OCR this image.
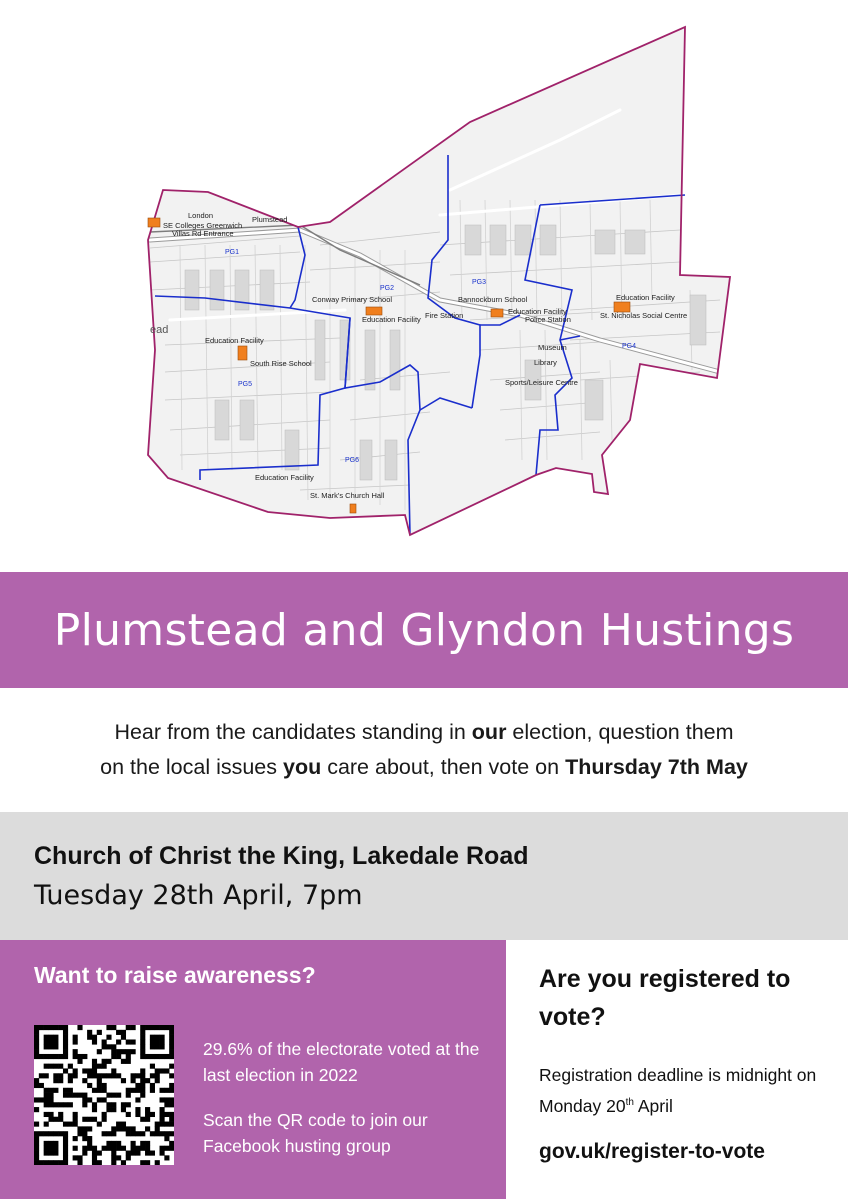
London
SE Colleges Greenwich
Villas Rd Entrance
Plumstead
Conway Primary School	Bannockburn School
St. Nicholas Social Centre
South Rise School
St. Mark's Church Hall
Education Facility
Education Facility
Education Facility
Education Facility
Education Facility
Fire Station	Police Station
Museum
Library
Sports/Leisure Centre
ead
PG1
PG2
PG3
PG4
PG5
PG6
Plumstead and Glyndon Hustings

Hear from the candidates standing in our election, question them
on the local issues you care about, then vote on Thursday 7th May

Church of Christ the King, Lakedale Road
Tuesday 28th April, 7pm
Want to raise awareness?
29.6% of the electorate voted at the last election in 2022
Scan the QR code to join our Facebook husting group
Are you registered to vote?
Registration deadline is midnight on Monday 20th April
gov.uk/register-to-vote
